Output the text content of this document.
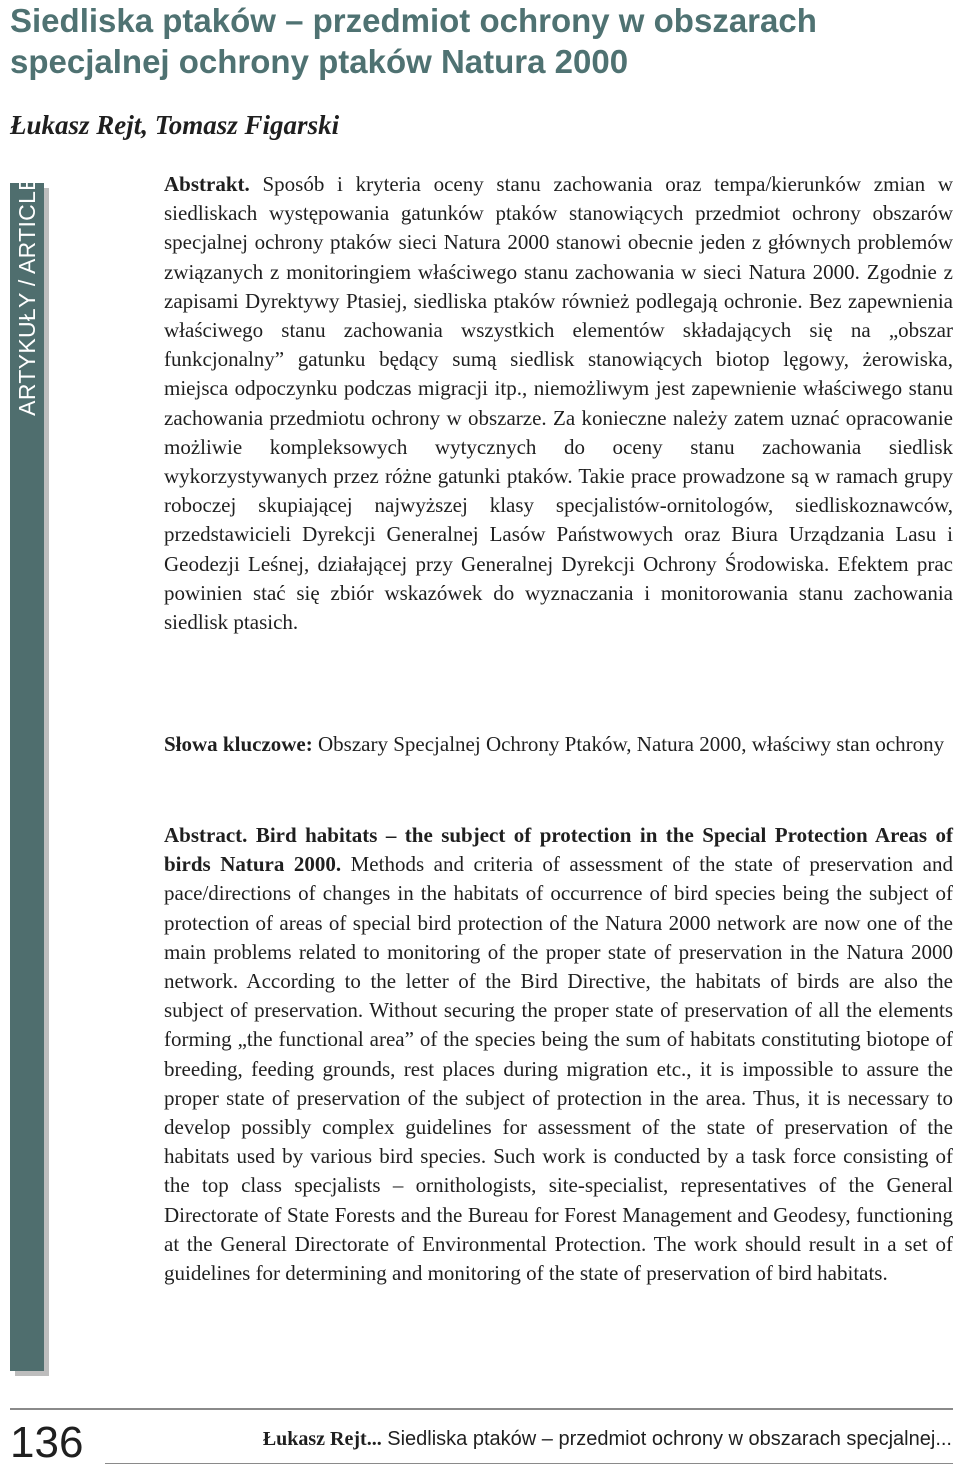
Siedliska ptaków – przedmiot ochrony w obszarach specjalnej ochrony ptaków Natura 2000
Łukasz Rejt, Tomasz Figarski
ARTYKUŁY / ARTICLE	Abstrakt. Sposób i kryteria oceny stanu zachowania oraz tempa/kierunków zmian w siedliskach występowania gatunków ptaków stanowiących przedmiot ochrony obszarów specjalnej ochrony ptaków sieci Natura 2000 stanowi obecnie jeden z głównych problemów związanych z monitoringiem właściwego stanu zachowania w sieci Natura 2000. Zgodnie z zapisami Dyrektywy Ptasiej, siedliska ptaków również podlegają ochronie. Bez zapewnienia właściwego stanu zachowania wszystkich elementów składających się na „obszar funkcjonalny” gatunku będący sumą siedlisk stanowiących biotop lęgowy, żerowiska, miejsca odpoczynku podczas migracji itp., niemożliwym jest zapewnienie właściwego stanu zachowania przedmiotu ochrony w obszarze. Za konieczne należy zatem uznać opracowanie możliwie kompleksowych wytycznych do oceny stanu zachowania siedlisk wykorzystywanych przez różne gatunki ptaków. Takie prace prowadzone są w ramach grupy roboczej skupiającej najwyższej klasy specjalistów-ornitologów, siedliskoznawców, przedstawicieli Dyrekcji Generalnej Lasów Państwowych oraz Biura Urządzania Lasu i Geodezji Leśnej, działającej przy Generalnej Dyrekcji Ochrony Środowiska. Efektem prac powinien stać się zbiór wskazówek do wyznaczania i monitorowania stanu zachowania siedlisk ptasich.

Słowa kluczowe: Obszary Specjalnej Ochrony Ptaków, Natura 2000, właściwy stan ochrony

Abstract. Bird habitats – the subject of protection in the Special Protection Areas of birds Natura 2000. Methods and criteria of assessment of the state of preservation and pace/directions of changes in the habitats of occurrence of bird species being the subject of protection of areas of special bird protection of the Natura 2000 network are now one of the main problems related to monitoring of the proper state of preservation in the Natura 2000 network. According to the letter of the Bird Directive, the habitats of birds are also the subject of preservation. Without securing the proper state of preservation of all the elements forming „the functional area” of the species being the sum of habitats constituting biotope of breeding, feeding grounds, rest places during migration etc., it is impossible to assure the proper state of preservation of the subject of protection in the area. Thus, it is necessary to develop possibly complex guidelines for assessment of the state of preservation of the habitats used by various bird species. Such work is conducted by a task force consisting of the top class specjalists – ornithologists, site-specialist, representatives of the General Directorate of State Forests and the Bureau for Forest Management and Geodesy, functioning at the General Directorate of Environmental Protection. The work should result in a set of guidelines for determining and monitoring of the state of preservation of bird habitats.

136	Łukasz Rejt... Siedliska ptaków – przedmiot ochrony w obszarach specjalnej...
